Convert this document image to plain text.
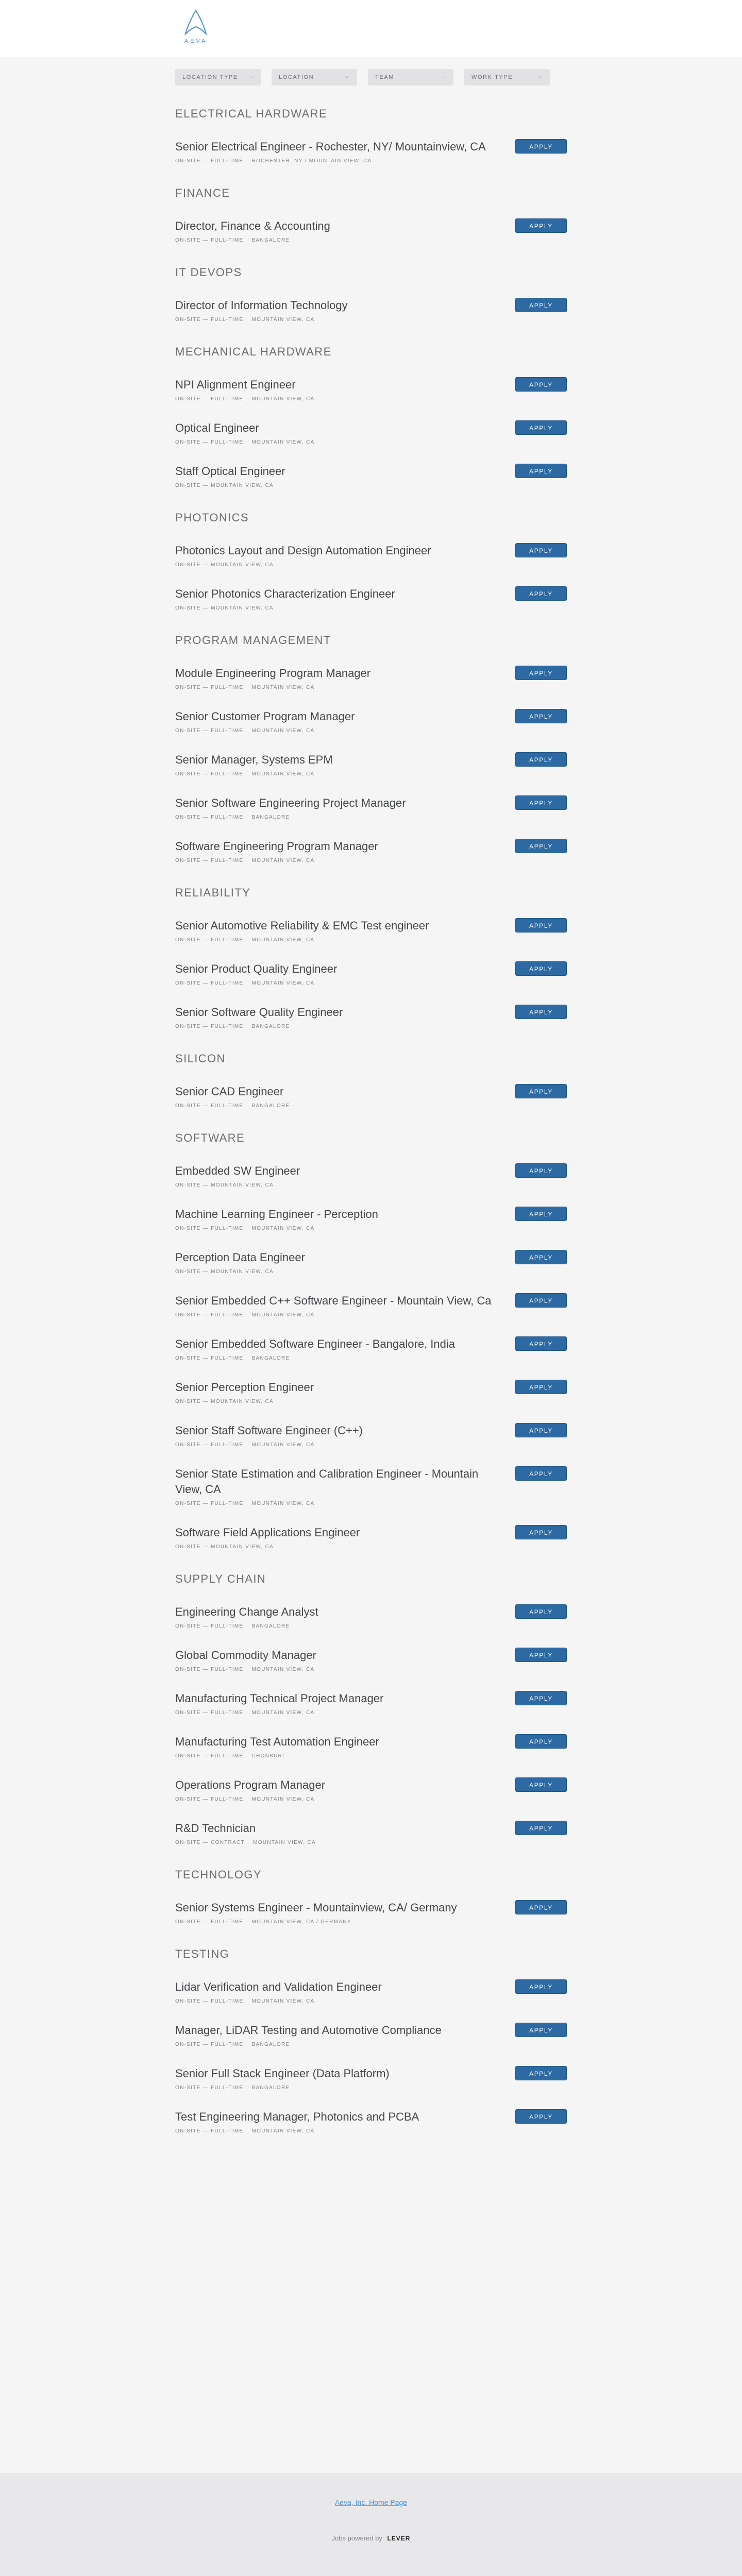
AEVA
LOCATION TYPE ⌵	LOCATION	⌵	TEAM	⌵	WORK TYPE	⌵
ELECTRICAL HARDWARE
Senior Electrical Engineer - Rochester, NY/ Mountainview, CA
ON-SITE — FULL-TIME ROCHESTER, NY / MOUNTAIN VIEW, CA
APPLY
FINANCE
Director, Finance & Accounting
ON-SITE — FULL-TIME BANGALORE
APPLY
IT DEVOPS
Director of Information Technology
ON-SITE — FULL-TIME MOUNTAIN VIEW, CA
APPLY
MECHANICAL HARDWARE
NPI Alignment Engineer
ON-SITE — FULL-TIME MOUNTAIN VIEW, CA
APPLY
Optical Engineer
ON-SITE — FULL-TIME MOUNTAIN VIEW, CA
APPLY
Staff Optical Engineer
ON-SITE — MOUNTAIN VIEW, CA
APPLY
PHOTONICS
Photonics Layout and Design Automation Engineer
ON-SITE — MOUNTAIN VIEW, CA
APPLY
Senior Photonics Characterization Engineer
ON-SITE — MOUNTAIN VIEW, CA
APPLY
PROGRAM MANAGEMENT
Module Engineering Program Manager
ON-SITE — FULL-TIME MOUNTAIN VIEW, CA
APPLY
Senior Customer Program Manager
ON-SITE — FULL-TIME MOUNTAIN VIEW, CA
APPLY
Senior Manager, Systems EPM
ON-SITE — FULL-TIME MOUNTAIN VIEW, CA
APPLY
Senior Software Engineering Project Manager
ON-SITE — FULL-TIME BANGALORE
APPLY
Software Engineering Program Manager
ON-SITE — FULL-TIME MOUNTAIN VIEW, CA
APPLY
RELIABILITY
Senior Automotive Reliability & EMC Test engineer
ON-SITE — FULL-TIME MOUNTAIN VIEW, CA
APPLY
Senior Product Quality Engineer
ON-SITE — FULL-TIME MOUNTAIN VIEW, CA
APPLY
Senior Software Quality Engineer
ON-SITE — FULL-TIME BANGALORE
APPLY
SILICON
Senior CAD Engineer
ON-SITE — FULL-TIME BANGALORE
APPLY
SOFTWARE
Embedded SW Engineer
ON-SITE — MOUNTAIN VIEW, CA
APPLY
Machine Learning Engineer - Perception
ON-SITE — FULL-TIME MOUNTAIN VIEW, CA
APPLY
Perception Data Engineer
ON-SITE — MOUNTAIN VIEW, CA
APPLY
Senior Embedded C++ Software Engineer - Mountain View, Ca
ON-SITE — FULL-TIME MOUNTAIN VIEW, CA
APPLY
Senior Embedded Software Engineer - Bangalore, India
ON-SITE — FULL-TIME BANGALORE
APPLY
Senior Perception Engineer
ON-SITE — MOUNTAIN VIEW, CA
APPLY
Senior Staff Software Engineer (C++)
ON-SITE — FULL-TIME MOUNTAIN VIEW, CA
APPLY
Senior State Estimation and Calibration Engineer - Mountain View, CA
ON-SITE — FULL-TIME MOUNTAIN VIEW, CA
APPLY
Software Field Applications Engineer
ON-SITE — MOUNTAIN VIEW, CA
APPLY
SUPPLY CHAIN
Engineering Change Analyst
ON-SITE — FULL-TIME BANGALORE
APPLY
Global Commodity Manager
ON-SITE — FULL-TIME MOUNTAIN VIEW, CA
APPLY
Manufacturing Technical Project Manager
ON-SITE — FULL-TIME MOUNTAIN VIEW, CA
APPLY
Manufacturing Test Automation Engineer
ON-SITE — FULL-TIME CHONBURI
APPLY
Operations Program Manager
ON-SITE — FULL-TIME MOUNTAIN VIEW, CA
APPLY
R&D Technician
ON-SITE — CONTRACT MOUNTAIN VIEW, CA
APPLY
TECHNOLOGY
Senior Systems Engineer - Mountainview, CA/ Germany
ON-SITE — FULL-TIME MOUNTAIN VIEW, CA / GERMANY
APPLY
TESTING
Lidar Verification and Validation Engineer
ON-SITE — FULL-TIME MOUNTAIN VIEW, CA
APPLY
Manager, LiDAR Testing and Automotive Compliance
ON-SITE — FULL-TIME BANGALORE
APPLY
Senior Full Stack Engineer (Data Platform)
ON-SITE — FULL-TIME BANGALORE
APPLY
Test Engineering Manager, Photonics and PCBA
ON-SITE — FULL-TIME MOUNTAIN VIEW, CA
APPLY
Aeva, Inc. Home Page
Jobs powered by LEVER
